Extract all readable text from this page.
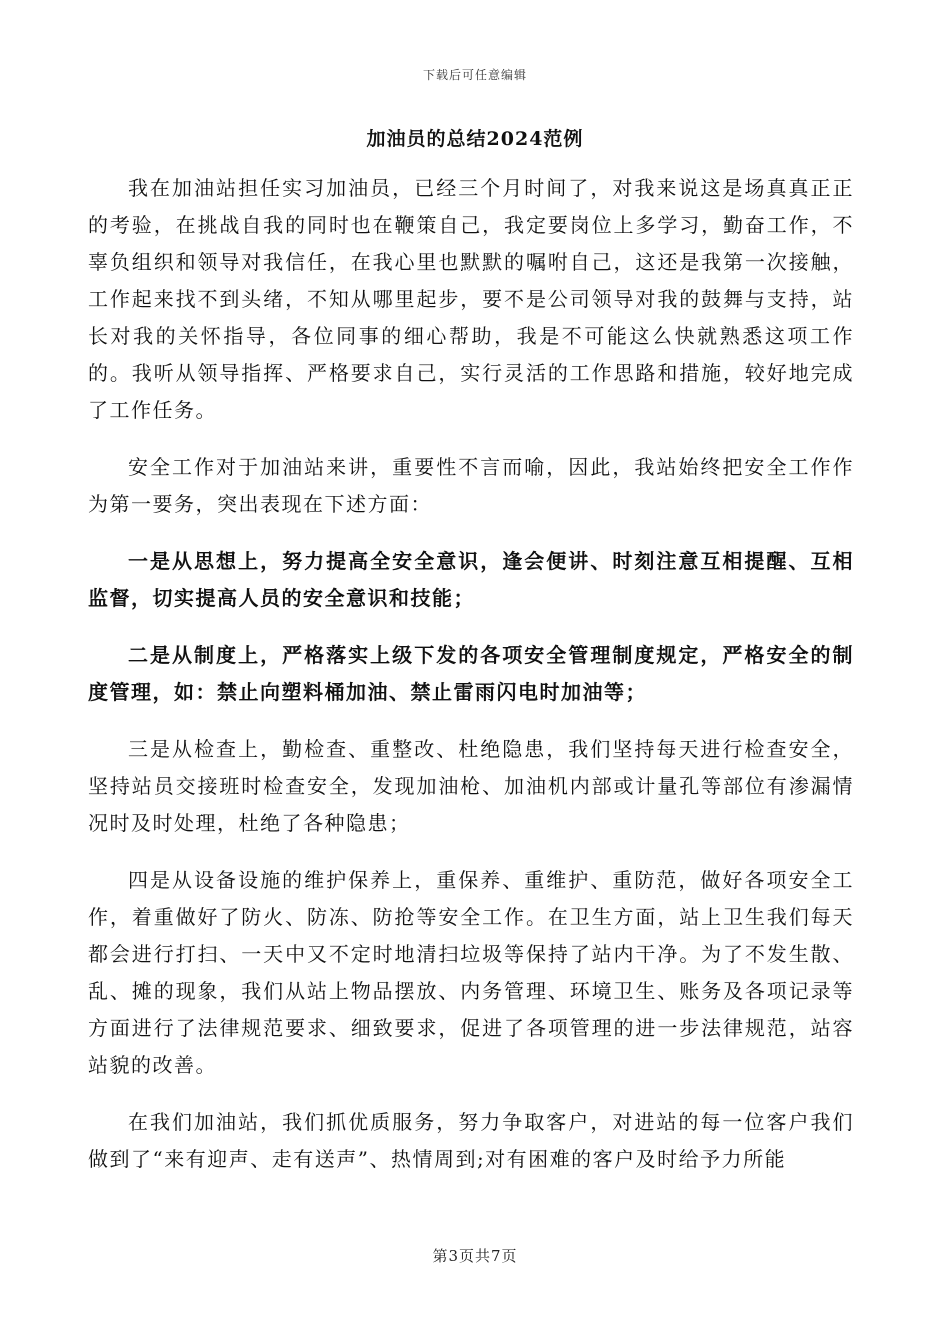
下载后可任意编辑
加油员的总结2024范例

我在加油站担任实习加油员，已经三个月时间了，对我来说这是场真真正正的考验，在挑战自我的同时也在鞭策自己，我定要岗位上多学习，勤奋工作，不辜负组织和领导对我信任，在我心里也默默的嘱咐自己，这还是我第一次接触，工作起来找不到头绪，不知从哪里起步，要不是公司领导对我的鼓舞与支持，站长对我的关怀指导，各位同事的细心帮助，我是不可能这么快就熟悉这项工作的。我听从领导指挥、严格要求自己，实行灵活的工作思路和措施，较好地完成了工作任务。

安全工作对于加油站来讲，重要性不言而喻，因此，我站始终把安全工作作为第一要务，突出表现在下述方面：

一是从思想上，努力提高全安全意识，逢会便讲、时刻注意互相提醒、互相监督，切实提高人员的安全意识和技能；

二是从制度上，严格落实上级下发的各项安全管理制度规定，严格安全的制度管理，如：禁止向塑料桶加油、禁止雷雨闪电时加油等；

三是从检查上，勤检查、重整改、杜绝隐患，我们坚持每天进行检查安全，坚持站员交接班时检查安全，发现加油枪、加油机内部或计量孔等部位有渗漏情况时及时处理，杜绝了各种隐患；

四是从设备设施的维护保养上，重保养、重维护、重防范，做好各项安全工作，着重做好了防火、防冻、防抢等安全工作。在卫生方面，站上卫生我们每天都会进行打扫、一天中又不定时地清扫垃圾等保持了站内干净。为了不发生散、乱、摊的现象，我们从站上物品摆放、内务管理、环境卫生、账务及各项记录等方面进行了法律规范要求、细致要求，促进了各项管理的进一步法律规范，站容站貌的改善。

在我们加油站，我们抓优质服务，努力争取客户，对进站的每一位客户我们做到了“来有迎声、走有送声”、热情周到;对有困难的客户及时给予力所能

第3页共7页
